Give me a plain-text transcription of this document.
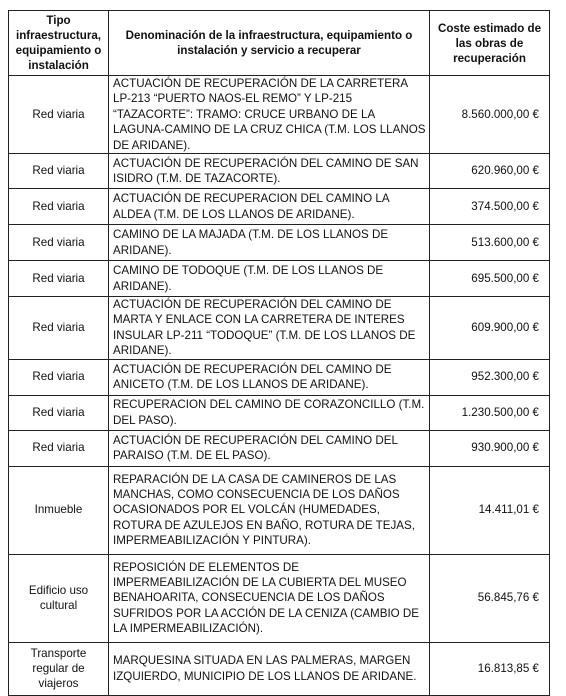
Tipo infraestructura, equipamiento o instalación	Denominación de la infraestructura, equipamiento o instalación y servicio a recuperar	Coste estimado de las obras de recuperación
Red viaria	ACTUACIÓN DE RECUPERACIÓN DE LA CARRETERA LP-213 “PUERTO NAOS-EL REMO” Y LP-215 “TAZACORTE”: TRAMO: CRUCE URBANO DE LA LAGUNA-CAMINO DE LA CRUZ CHICA (T.M. LOS LLANOS DE ARIDANE).	8.560.000,00 €
Red viaria	ACTUACIÓN DE RECUPERACIÓN DEL CAMINO DE SAN ISIDRO (T.M. DE TAZACORTE).	620.960,00 €
Red viaria	ACTUACIÓN DE RECUPERACION DEL CAMINO LA ALDEA (T.M. DE LOS LLANOS DE ARIDANE).	374.500,00 €
Red viaria	CAMINO DE LA MAJADA (T.M. DE LOS LLANOS DE ARIDANE).	513.600,00 €
Red viaria	CAMINO DE TODOQUE (T.M. DE LOS LLANOS DE ARIDANE).	695.500,00 €
Red viaria	ACTUACIÓN DE RECUPERACIÓN DEL CAMINO DE MARTA Y ENLACE CON LA CARRETERA DE INTERES INSULAR LP-211 “TODOQUE” (T.M. DE LOS LLANOS DE ARIDANE).	609.900,00 €
Red viaria	ACTUACIÓN DE RECUPERACIÓN DEL CAMINO DE ANICETO (T.M. DE LOS LLANOS DE ARIDANE).	952.300,00 €
Red viaria	RECUPERACION DEL CAMINO DE CORAZONCILLO (T.M. DEL PASO).	1.230.500,00 €
Red viaria	ACTUACIÓN DE RECUPERACIÓN DEL CAMINO DEL PARAISO (T.M. DE EL PASO).	930.900,00 €
Inmueble	REPARACIÓN DE LA CASA DE CAMINEROS DE LAS MANCHAS, COMO CONSECUENCIA DE LOS DAÑOS OCASIONADOS POR EL VOLCÁN (HUMEDADES, ROTURA DE AZULEJOS EN BAÑO, ROTURA DE TEJAS, IMPERMEABILIZACIÓN Y PINTURA).	14.411,01 €
Edificio uso cultural	REPOSICIÓN DE ELEMENTOS DE IMPERMEABILIZACIÓN DE LA CUBIERTA DEL MUSEO BENAHOARITA, CONSECUENCIA DE LOS DAÑOS SUFRIDOS POR LA ACCIÓN DE LA CENIZA (CAMBIO DE LA IMPERMEABILIZACIÓN).	56.845,76 €
Transporte regular de viajeros	MARQUESINA SITUADA EN LAS PALMERAS, MARGEN IZQUIERDO, MUNICIPIO DE LOS LLANOS DE ARIDANE.	16.813,85 €
